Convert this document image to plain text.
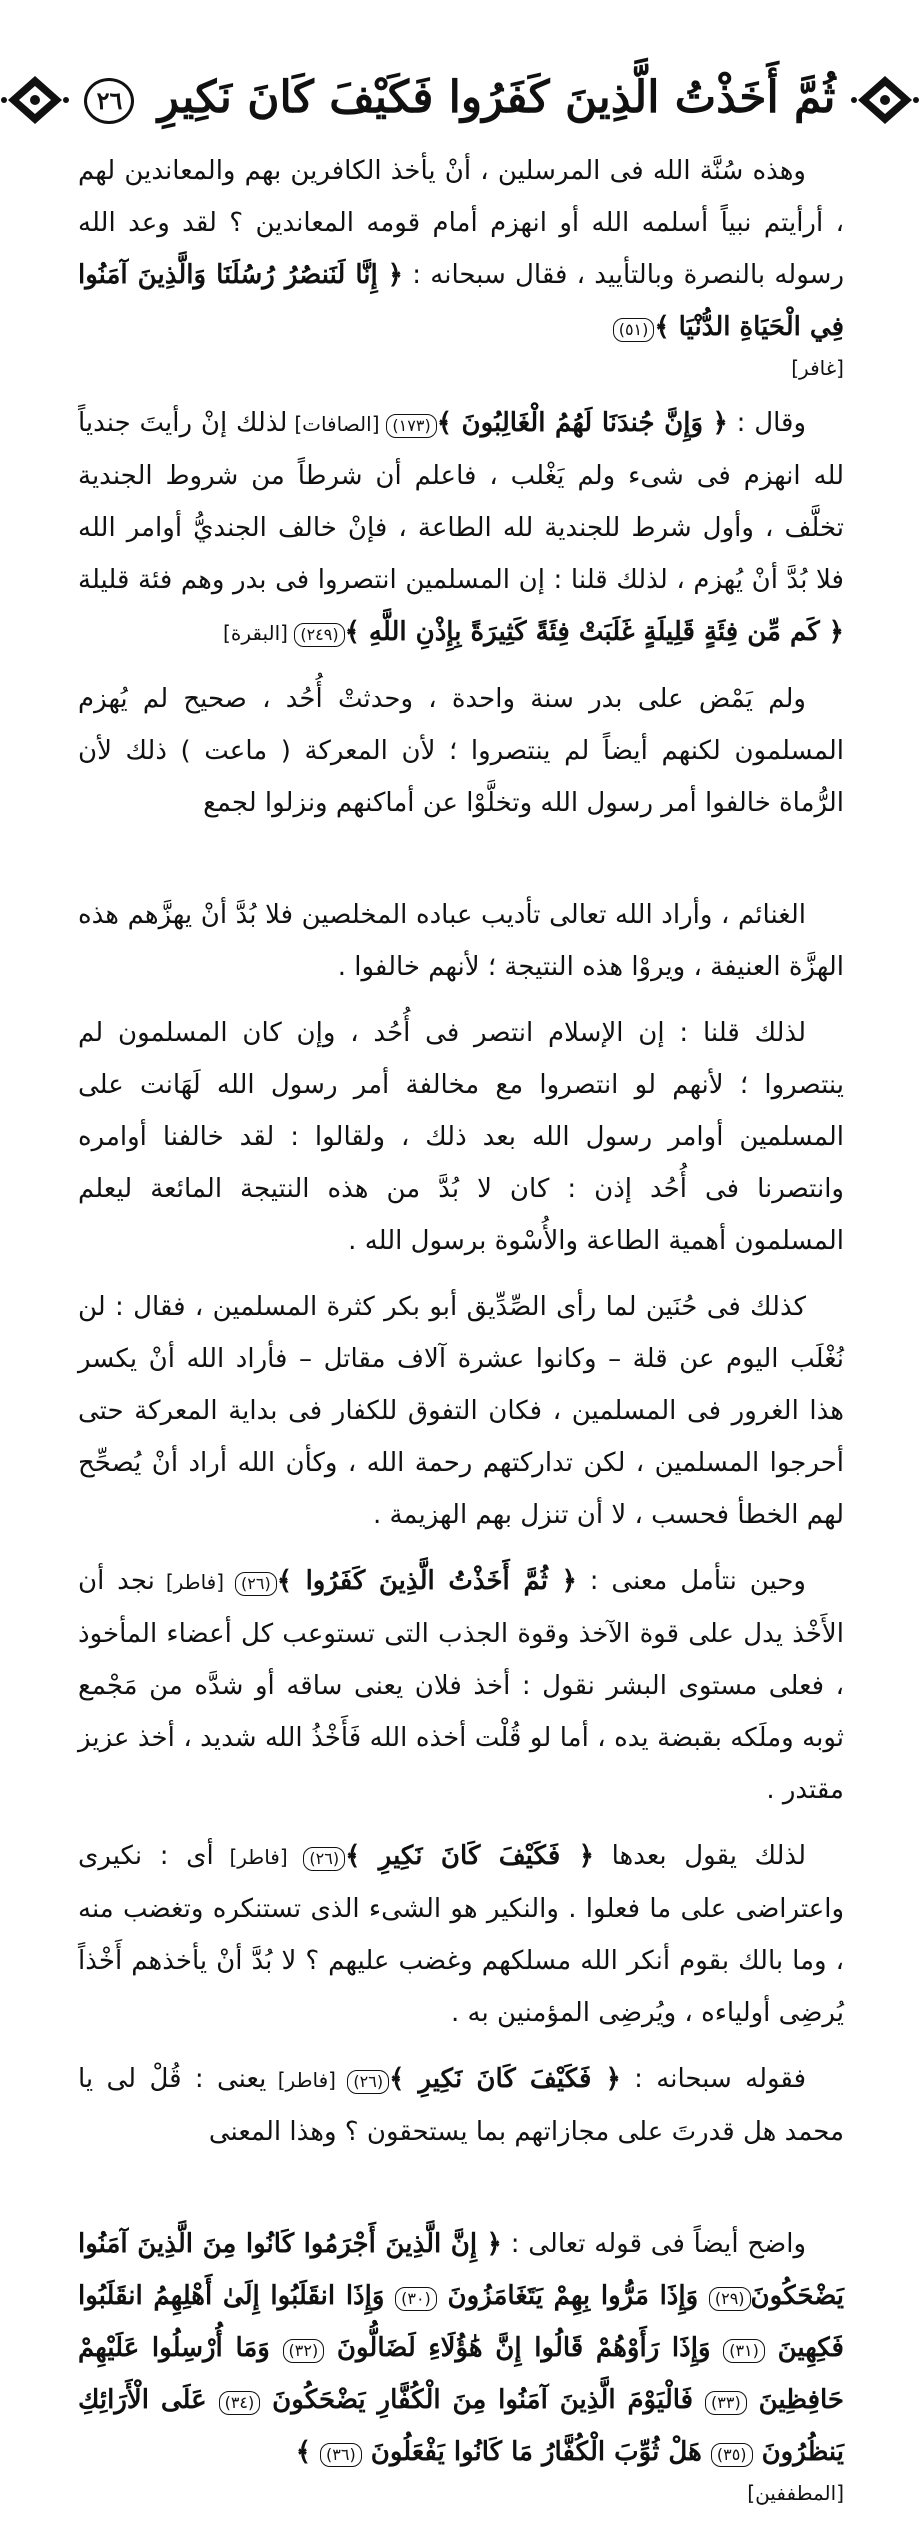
ثُمَّ أَخَذْتُ الَّذِينَ كَفَرُوا فَكَيْفَ كَانَ نَكِيرِ ٢٦

وهذه سُنَّة الله فى المرسلين ، أنْ يأخذ الكافرين بهم والمعاندين لهم ، أرأيتم نبياً أسلمه الله أو انهزم أمام قومه المعاندين ؟ لقد وعد الله رسوله بالنصرة وبالتأييد ، فقال سبحانه : ﴿ إِنَّا لَنَنصُرُ رُسُلَنَا وَالَّذِينَ آمَنُوا فِي الْحَيَاةِ الدُّنْيَا ﴾(٥١)
[غافر]

وقال : ﴿ وَإِنَّ جُندَنَا لَهُمُ الْغَالِبُونَ ﴾(١٧٣) [الصافات] لذلك إنْ رأيتَ جندياً لله انهزم فى شىء ولم يَغْلب ، فاعلم أن شرطاً من شروط الجندية تخلَّف ، وأول شرط للجندية لله الطاعة ، فإنْ خالف الجنديُّ أوامر الله فلا بُدَّ أنْ يُهزم ، لذلك قلنا : إن المسلمين انتصروا فى بدر وهم فئة قليلة ﴿ كَم مِّن فِئَةٍ قَلِيلَةٍ غَلَبَتْ فِئَةً كَثِيرَةً بِإِذْنِ اللَّهِ ﴾(٢٤٩) [البقرة]

ولم يَمْض على بدر سنة واحدة ، وحدثتْ أُحُد ، صحيح لم يُهزم المسلمون لكنهم أيضاً لم ينتصروا ؛ لأن المعركة ( ماعت ) ذلك لأن الرُّماة خالفوا أمر رسول الله وتخلَّوْا عن أماكنهم ونزلوا لجمع

الغنائم ، وأراد الله تعالى تأديب عباده المخلصين فلا بُدَّ أنْ يهزَّهم هذه الهزَّة العنيفة ، ويروْا هذه النتيجة ؛ لأنهم خالفوا .

لذلك قلنا : إن الإسلام انتصر فى أُحُد ، وإن كان المسلمون لم ينتصروا ؛ لأنهم لو انتصروا مع مخالفة أمر رسول الله لَهَانت على المسلمين أوامر رسول الله بعد ذلك ، ولقالوا : لقد خالفنا أوامره وانتصرنا فى أُحُد إذن : كان لا بُدَّ من هذه النتيجة المائعة ليعلم المسلمون أهمية الطاعة والأُسْوة برسول الله .

كذلك فى حُنَين لما رأى الصِّدِّيق أبو بكر كثرة المسلمين ، فقال : لن نُغْلَب اليوم عن قلة – وكانوا عشرة آلاف مقاتل – فأراد الله أنْ يكسر هذا الغرور فى المسلمين ، فكان التفوق للكفار فى بداية المعركة حتى أحرجوا المسلمين ، لكن تداركتهم رحمة الله ، وكأن الله أراد أنْ يُصحِّح لهم الخطأ فحسب ، لا أن تنزل بهم الهزيمة .

وحين نتأمل معنى : ﴿ ثُمَّ أَخَذْتُ الَّذِينَ كَفَرُوا ﴾(٢٦) [فاطر] نجد أن الأَخْذ يدل على قوة الآخذ وقوة الجذب التى تستوعب كل أعضاء المأخوذ ، فعلى مستوى البشر نقول : أخذ فلان يعنى ساقه أو شدَّه من مَجْمع ثوبه وملَكه بقبضة يده ، أما لو قُلْت أخذه الله فَأَخْذُ الله شديد ، أخذ عزيز مقتدر .

لذلك يقول بعدها ﴿ فَكَيْفَ كَانَ نَكِيرِ ﴾(٢٦) [فاطر] أى : نكيرى واعتراضى على ما فعلوا . والنكير هو الشىء الذى تستنكره وتغضب منه ، وما بالك بقوم أنكر الله مسلكهم وغضب عليهم ؟ لا بُدَّ أنْ يأخذهم أَخْذاً يُرضِى أولياءه ، ويُرضِى المؤمنين به .

فقوله سبحانه : ﴿ فَكَيْفَ كَانَ نَكِيرِ ﴾(٢٦) [فاطر] يعنى : قُلْ لى يا محمد هل قدرتَ على مجازاتهم بما يستحقون ؟ وهذا المعنى

واضح أيضاً فى قوله تعالى : ﴿ إِنَّ الَّذِينَ أَجْرَمُوا كَانُوا مِنَ الَّذِينَ آمَنُوا يَضْحَكُونَ(٢٩) وَإِذَا مَرُّوا بِهِمْ يَتَغَامَزُونَ (٣٠) وَإِذَا انقَلَبُوا إِلَىٰ أَهْلِهِمُ انقَلَبُوا فَكِهِينَ (٣١) وَإِذَا رَأَوْهُمْ قَالُوا إِنَّ هَٰؤُلَاءِ لَضَالُّونَ (٣٢) وَمَا أُرْسِلُوا عَلَيْهِمْ حَافِظِينَ (٣٣) فَالْيَوْمَ الَّذِينَ آمَنُوا مِنَ الْكُفَّارِ يَضْحَكُونَ (٣٤) عَلَى الْأَرَائِكِ يَنظُرُونَ (٣٥) هَلْ ثُوِّبَ الْكُفَّارُ مَا كَانُوا يَفْعَلُونَ (٣٦) ﴾
[المطففين]
